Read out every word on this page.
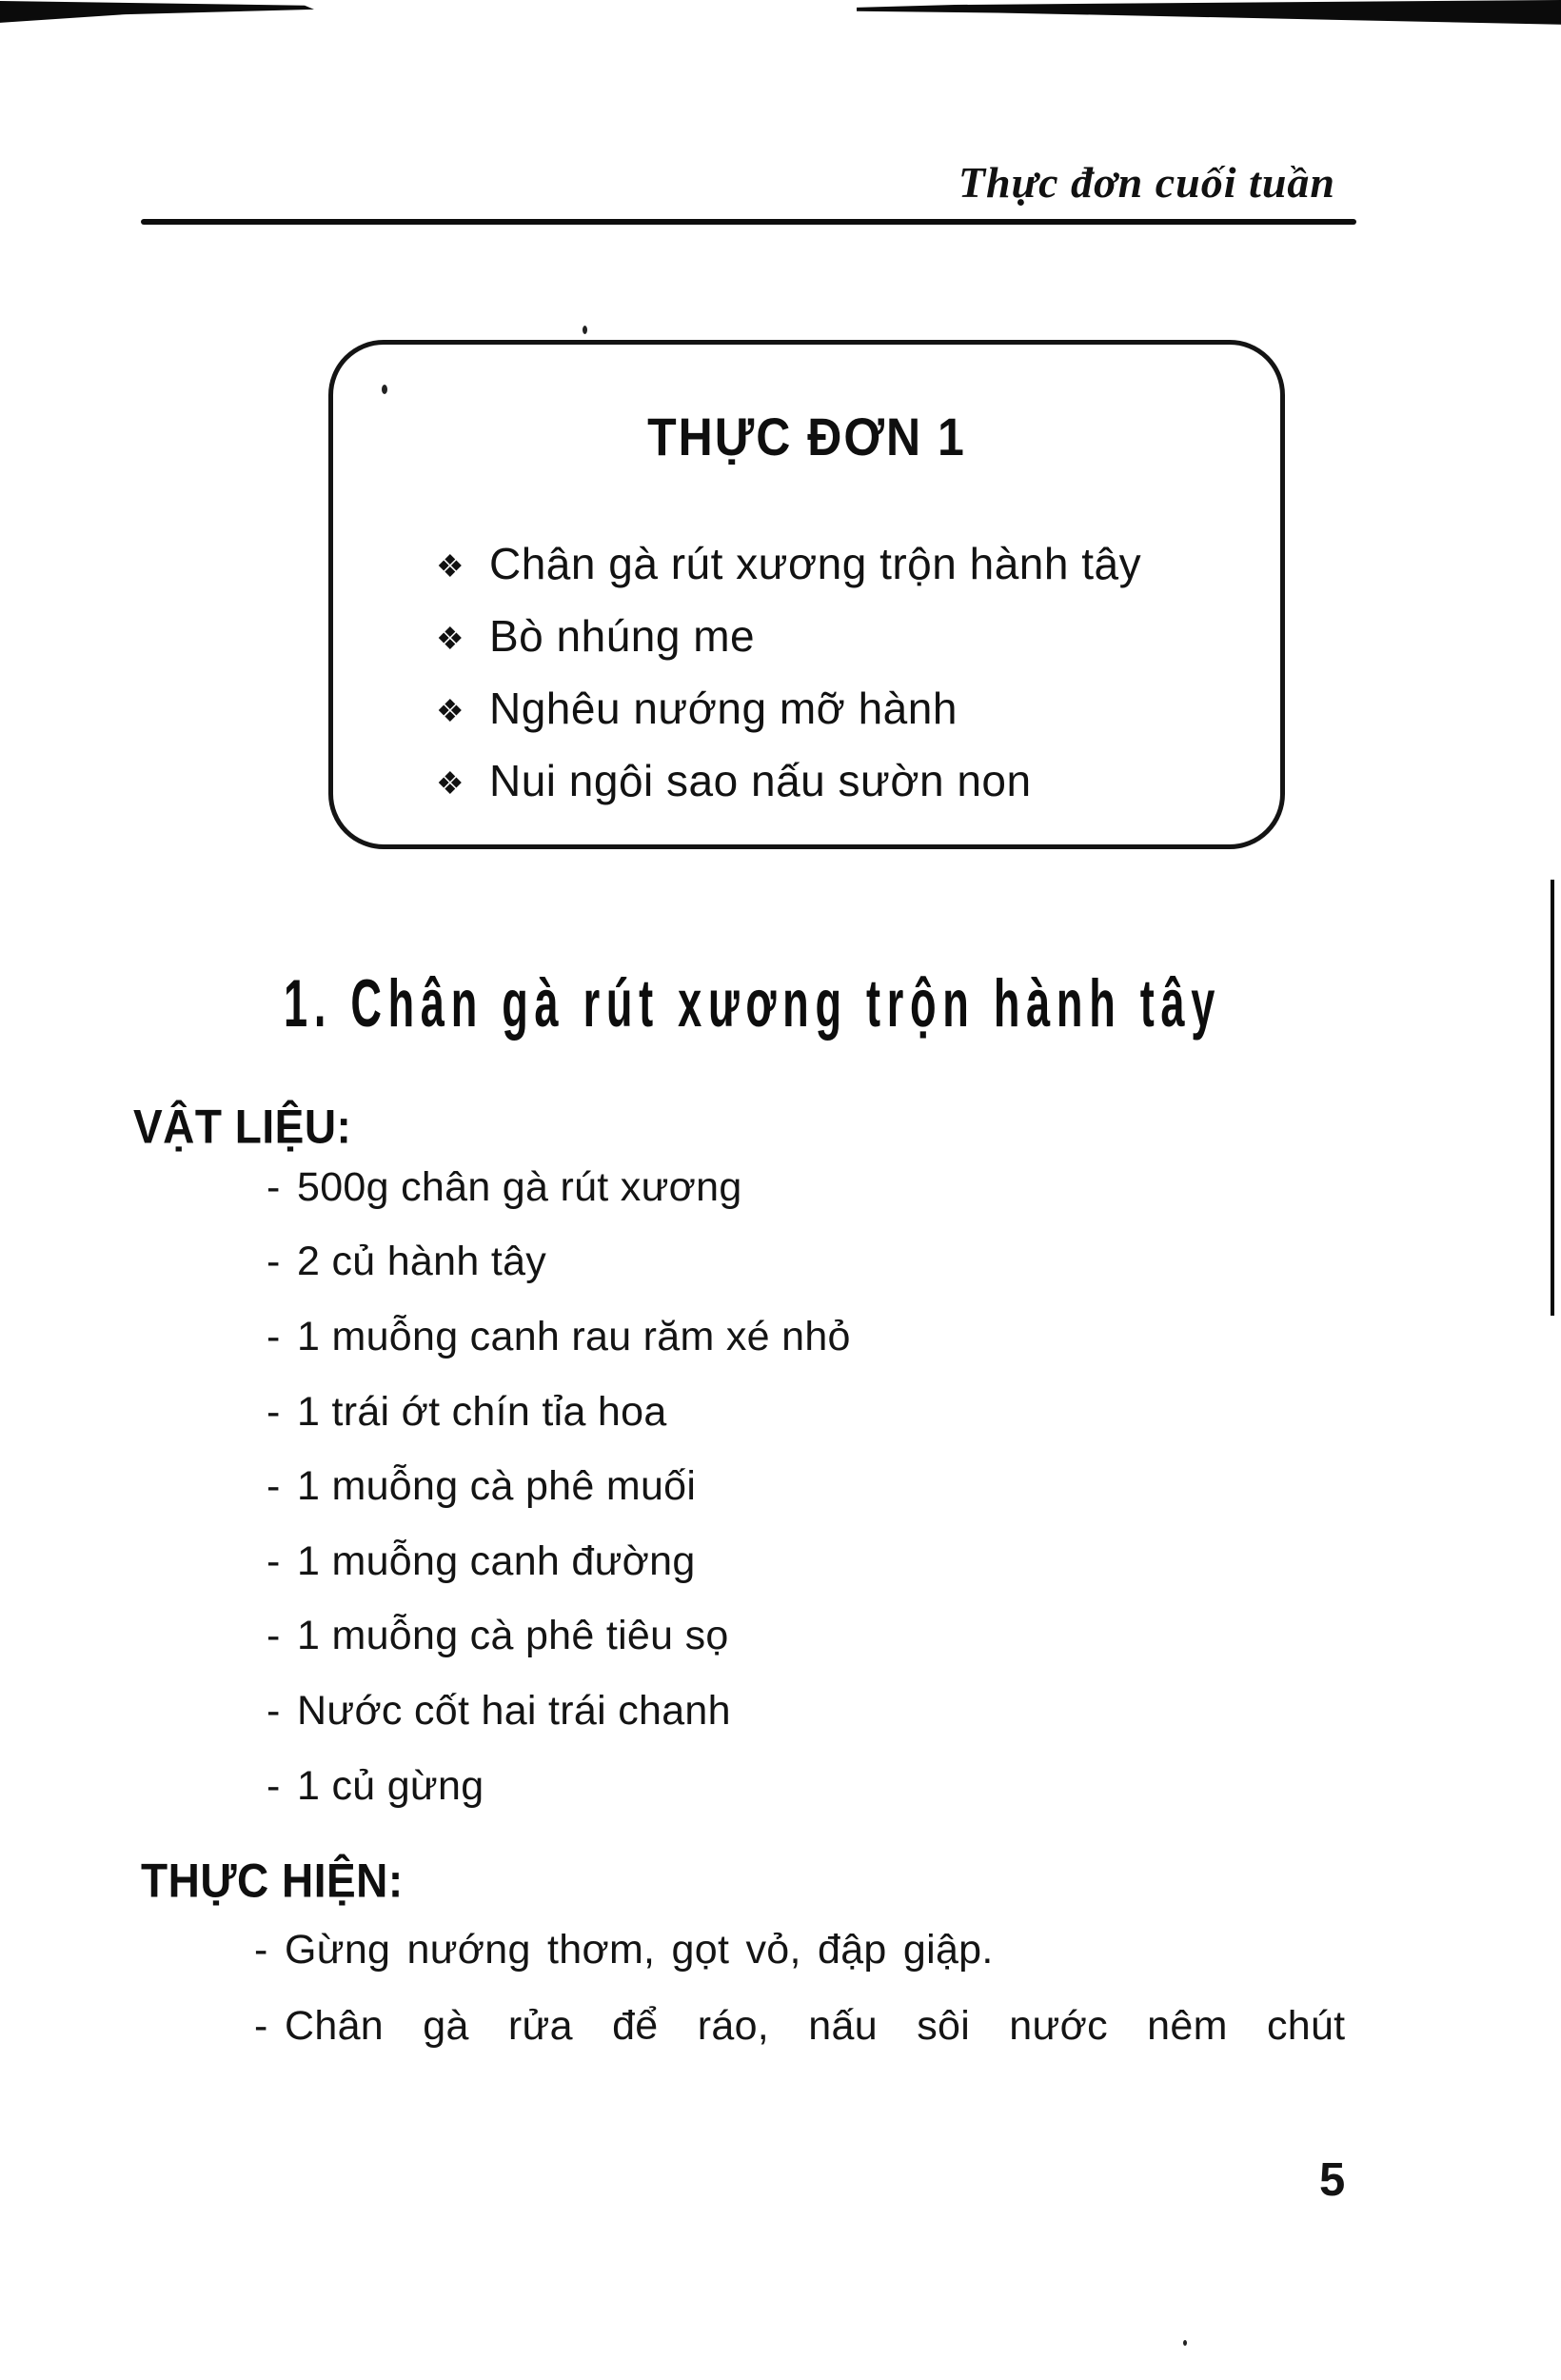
Thực đơn cuối tuần
THỰC ĐƠN 1
❖ Chân gà rút xương trộn hành tây
❖ Bò nhúng me
❖ Nghêu nướng mỡ hành
❖ Nui ngôi sao nấu sườn non
1. Chân gà rút xương trộn hành tây
VẬT LIỆU:
- 500g chân gà rút xương
- 2 củ hành tây
- 1 muỗng canh rau răm xé nhỏ
- 1 trái ớt chín tỉa hoa
- 1 muỗng cà phê muối
- 1 muỗng canh đường
- 1 muỗng cà phê tiêu sọ
- Nước cốt hai trái chanh
- 1 củ gừng
THỰC HIỆN:
- Gừng nướng thơm, gọt vỏ, đập giập.
- Chân gà rửa để ráo, nấu sôi nước nêm chút
5
